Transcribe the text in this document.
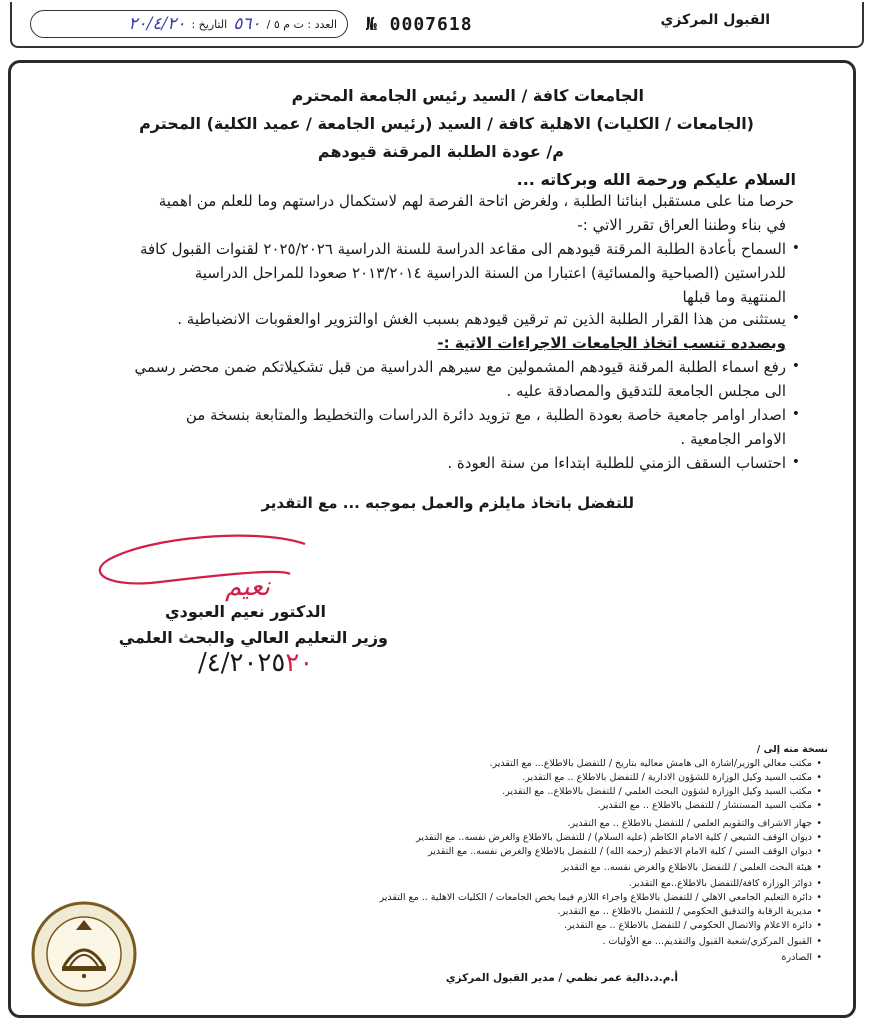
العدد : ت م ٥ /
٥٦٠
التاريخ :
٢٠/٤/٢٠	№ 0007618	القبول المركزي
الجامعات كافة / السيد رئيس الجامعة المحترم
(الجامعات / الكليات) الاهلية كافة / السيد (رئيس الجامعة / عميد الكلية) المحترم
م/ عودة الطلبة المرقنة قيودهم
السلام عليكم ورحمة الله وبركاته ...
حرصا منا على مستقبل ابنائنا الطلبة ، ولغرض اتاحة الفرصة لهم لاستكمال دراستهم وما للعلم من اهمية
في بناء وطننا العراق تقرر الاتي :-
• السماح بأعادة الطلبة المرقنة قيودهم الى مقاعد الدراسة للسنة الدراسية ٢٠٢٥/٢٠٢٦ لقنوات القبول كافة
للدراستين (الصباحية والمسائية) اعتبارا من السنة الدراسية ٢٠١٣/٢٠١٤ صعودا للمراحل الدراسية
المنتهية وما قبلها
• يستثنى من هذا القرار الطلبة الذين تم ترقين قيودهم بسبب الغش اوالتزوير اوالعقوبات الانضباطية .
وبصدده تنسب اتخاذ الجامعات الاجراءات الاتية :-
• رفع اسماء الطلبة المرقنة قيودهم المشمولين مع سيرهم الدراسية من قبل تشكيلاتكم ضمن محضر رسمي
الى مجلس الجامعة للتدقيق والمصادقة عليه .
• اصدار اوامر جامعية خاصة بعودة الطلبة ، مع تزويد دائرة الدراسات والتخطيط والمتابعة بنسخة من
الاوامر الجامعية .
• احتساب السقف الزمني للطلبة ابتداءا من سنة العودة .
للتفضل باتخاذ مايلزم والعمل بموجبه ... مع التقدير
نعيم
الدكتور نعيم العبودي
وزير التعليم العالي والبحث العلمي
/٤/٢٠٢٥٢٠
نسخة منه إلى /
• مكتب معالي الوزير/اشارة الى هامش معاليه بتاريخ / للتفضل بالاطلاع... مع التقدير.
• مكتب السيد وكيل الوزارة للشؤون الادارية / للتفضل بالاطلاع .. مع التقدير.
• مكتب السيد وكيل الوزارة لشؤون البحث العلمي / للتفضل بالاطلاع.. مع التقدير.
• مكتب السيد المستشار / للتفضل بالاطلاع .. مع التقدير.
• جهاز الاشراف والتقويم العلمي / للتفضل بالاطلاع .. مع التقدير.
• ديوان الوقف الشيعي / كلية الامام الكاظم (عليه السلام) / للتفضل بالاطلاع والغرض نفسه.. مع التقدير
• ديوان الوقف السني / كلية الامام الاعظم (رحمه الله) / للتفضل بالاطلاع والغرض نفسه.. مع التقدير
• هيئة البحث العلمي / للتفضل بالاطلاع والغرض نفسه.. مع التقدير
• دوائر الوزارة كافة/للتفضل بالاطلاع..مع التقدير.
• دائرة التعليم الجامعي الاهلي / للتفضل بالاطلاع واجراء اللازم فيما يخص الجامعات / الكليات الاهلية .. مع التقدير
• مديرية الرقابة والتدقيق الحكومي / للتفضل بالاطلاع .. مع التقدير.
• دائرة الاعلام والاتصال الحكومي / للتفضل بالاطلاع .. مع التقدير.
• القبول المركزي/شعبة القبول والتقديم... مع الأوليات .
• الصادرة
أ.م.د.دالية عمر نظمي / مدير القبول المركزي
